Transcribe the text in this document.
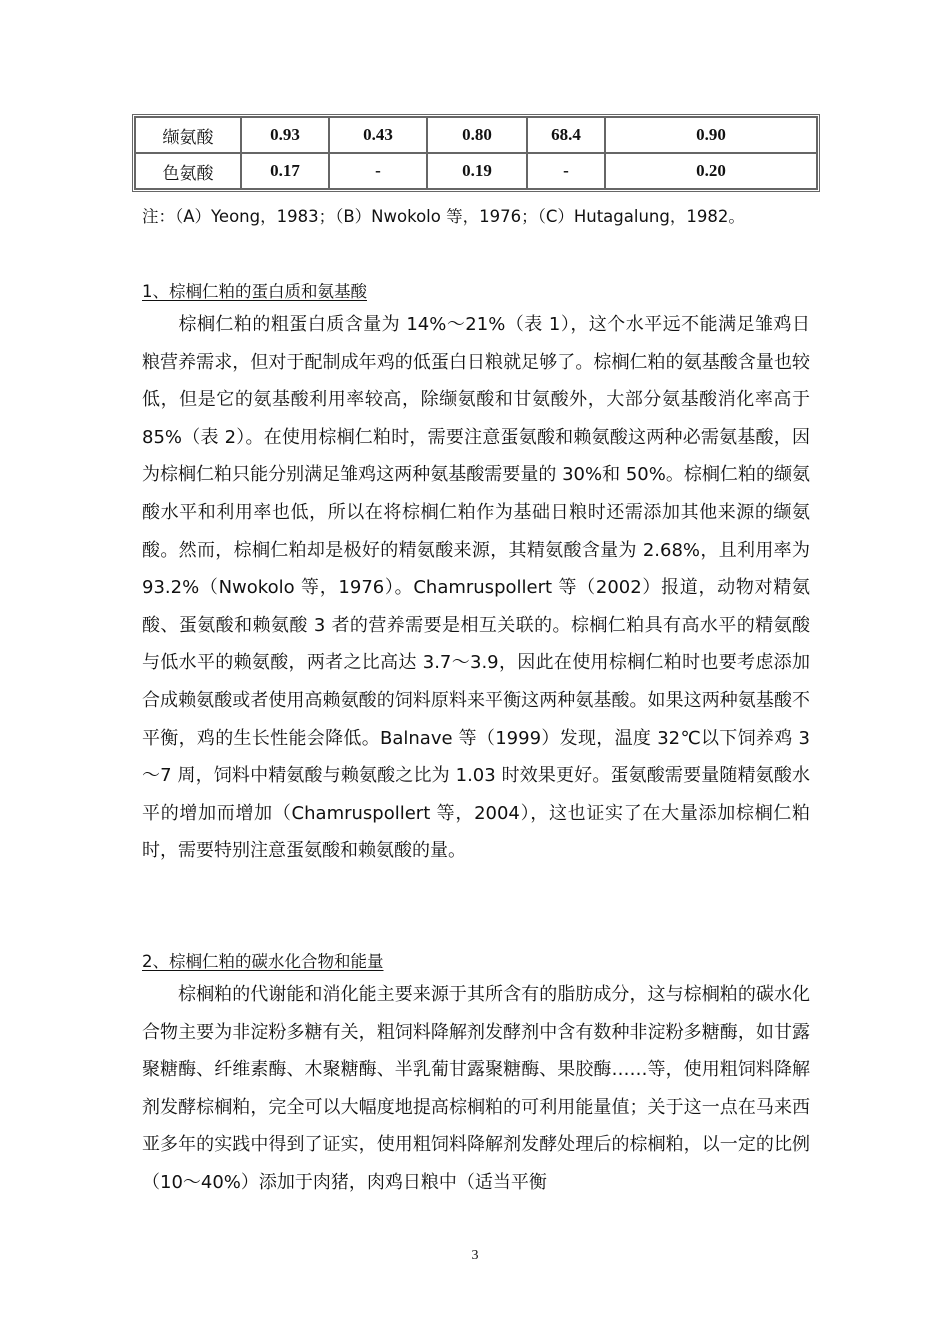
缬氨酸	0.93	0.43	0.80	68.4	0.90
色氨酸	0.17	-	0.19	-	0.20
注：（A）Yeong，1983；（B）Nwokolo 等，1976；（C）Hutagalung，1982。
1、棕榈仁粕的蛋白质和氨基酸

棕榈仁粕的粗蛋白质含量为 14%～21%（表 1），这个水平远不能满足雏鸡日粮营养需求，但对于配制成年鸡的低蛋白日粮就足够了。棕榈仁粕的氨基酸含量也较低，但是它的氨基酸利用率较高，除缬氨酸和甘氨酸外，大部分氨基酸消化率高于 85%（表 2）。在使用棕榈仁粕时，需要注意蛋氨酸和赖氨酸这两种必需氨基酸，因为棕榈仁粕只能分别满足雏鸡这两种氨基酸需要量的 30%和 50%。棕榈仁粕的缬氨酸水平和利用率也低，所以在将棕榈仁粕作为基础日粮时还需添加其他来源的缬氨酸。然而，棕榈仁粕却是极好的精氨酸来源，其精氨酸含量为 2.68%，且利用率为 93.2%（Nwokolo 等，1976）。Chamruspollert 等（2002）报道，动物对精氨酸、蛋氨酸和赖氨酸 3 者的营养需要是相互关联的。棕榈仁粕具有高水平的精氨酸与低水平的赖氨酸，两者之比高达 3.7～3.9，因此在使用棕榈仁粕时也要考虑添加合成赖氨酸或者使用高赖氨酸的饲料原料来平衡这两种氨基酸。如果这两种氨基酸不平衡，鸡的生长性能会降低。Balnave 等（1999）发现，温度 32℃以下饲养鸡 3～7 周，饲料中精氨酸与赖氨酸之比为 1.03 时效果更好。蛋氨酸需要量随精氨酸水平的增加而增加（Chamruspollert 等，2004），这也证实了在大量添加棕榈仁粕时，需要特别注意蛋氨酸和赖氨酸的量。

2、棕榈仁粕的碳水化合物和能量

棕榈粕的代谢能和消化能主要来源于其所含有的脂肪成分，这与棕榈粕的碳水化合物主要为非淀粉多糖有关，粗饲料降解剂发酵剂中含有数种非淀粉多糖酶，如甘露聚糖酶、纤维素酶、木聚糖酶、半乳葡甘露聚糖酶、果胶酶……等，使用粗饲料降解剂发酵棕榈粕，完全可以大幅度地提高棕榈粕的可利用能量值；关于这一点在马来西亚多年的实践中得到了证实，使用粗饲料降解剂发酵处理后的棕榈粕，以一定的比例（10～40%）添加于肉猪，肉鸡日粮中（适当平衡

3
